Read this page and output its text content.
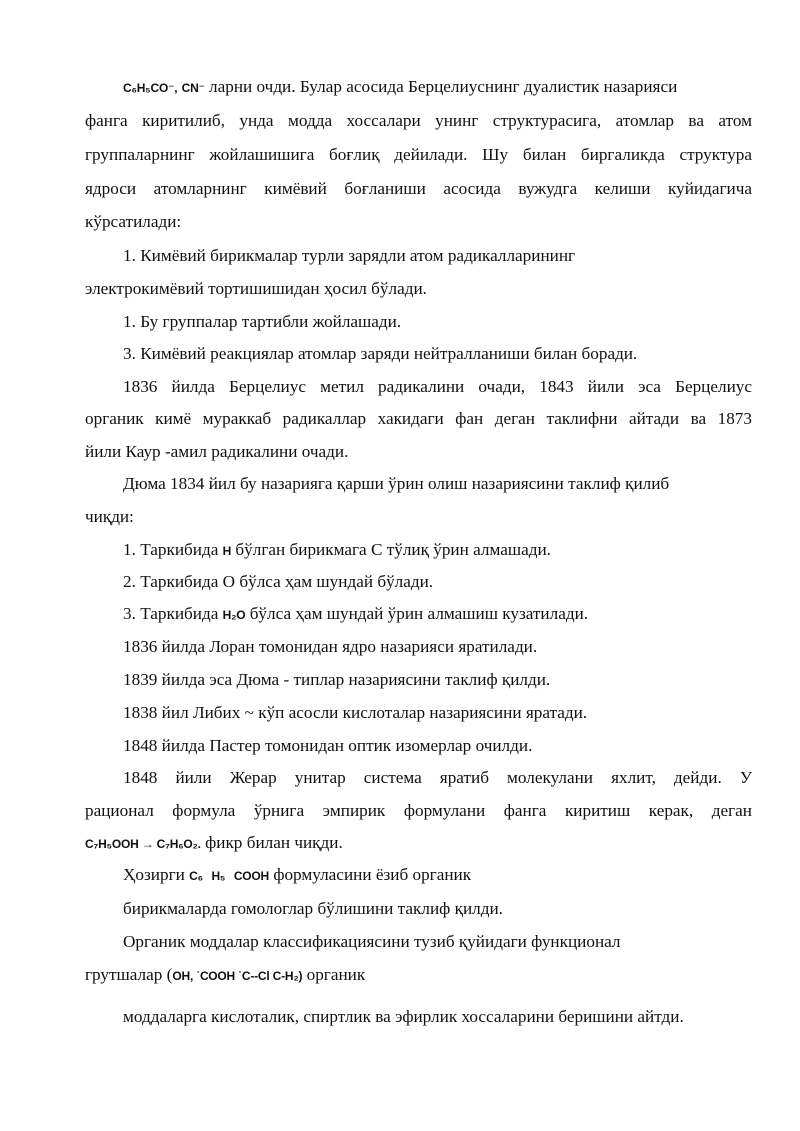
C₆H₅CO⁻, CN⁻ ларни очди. Булар асосида Берцелиуснинг дуалистик назарияси
фанга киритилиб, унда модда хоссалари унинг структурасига, атомлар ва атом
группаларнинг жойлашишига боғлиқ дейилади. Шу билан биргаликда структура
ядроси атомларнинг кимёвий боғланиши асосида вужудга келиши куйидагича
кўрсатилади:
1. Кимёвий бирикмалар турли зарядли атом радикалларининг
электрокимёвий тортишишидан ҳосил бўлади.
1. Бу группалар тартибли жойлашади.
3. Кимёвий реакциялар атомлар заряди нейтралланиши билан боради.
1836 йилда Берцелиус метил радикалини очади, 1843 йили эса Берцелиус
органик кимё мураккаб радикаллар хакидаги фан деган таклифни айтади ва 1873
йили Каур -амил радикалини очади.
Дюма 1834 йил бу назарияга қарши ўрин олиш назариясини таклиф қилиб
чиқди:
1. Таркибида H бўлган бирикмага С тўлиқ ўрин алмашади.
2. Таркибида О бўлса ҳам шундай бўлади.
3. Таркибида H₂O бўлса ҳам шундай ўрин алмашиш кузатилади.
1836 йилда Лоран томонидан ядро назарияси яратилади.
1839 йилда эса Дюма - типлар назариясини таклиф қилди.
1838 йил Либих ~ кўп асосли кислоталар назариясини яратади.
1848 йилда Пастер томонидан оптик изомерлар очилди.
1848 йили Жерар унитар система яратиб молекулани яхлит, дейди. У
рационал формула ўрнига эмпирик формулани фанга киритиш керак, деган
C₇H₅OOH → C₇H₆O₂. фикр билан чиқди.
Ҳозирги C₆ H₅ COOH формуласини ёзиб органик
бирикмаларда гомологлар бўлишини таклиф қилди.
Органик моддалар классификациясини тузиб қуйидаги функционал
грутшалар (ОН, ˙СООН ˙С--Cl С-Н₂) органик
моддаларга кислоталик, спиртлик ва эфирлик хоссаларини беришини айтди.
